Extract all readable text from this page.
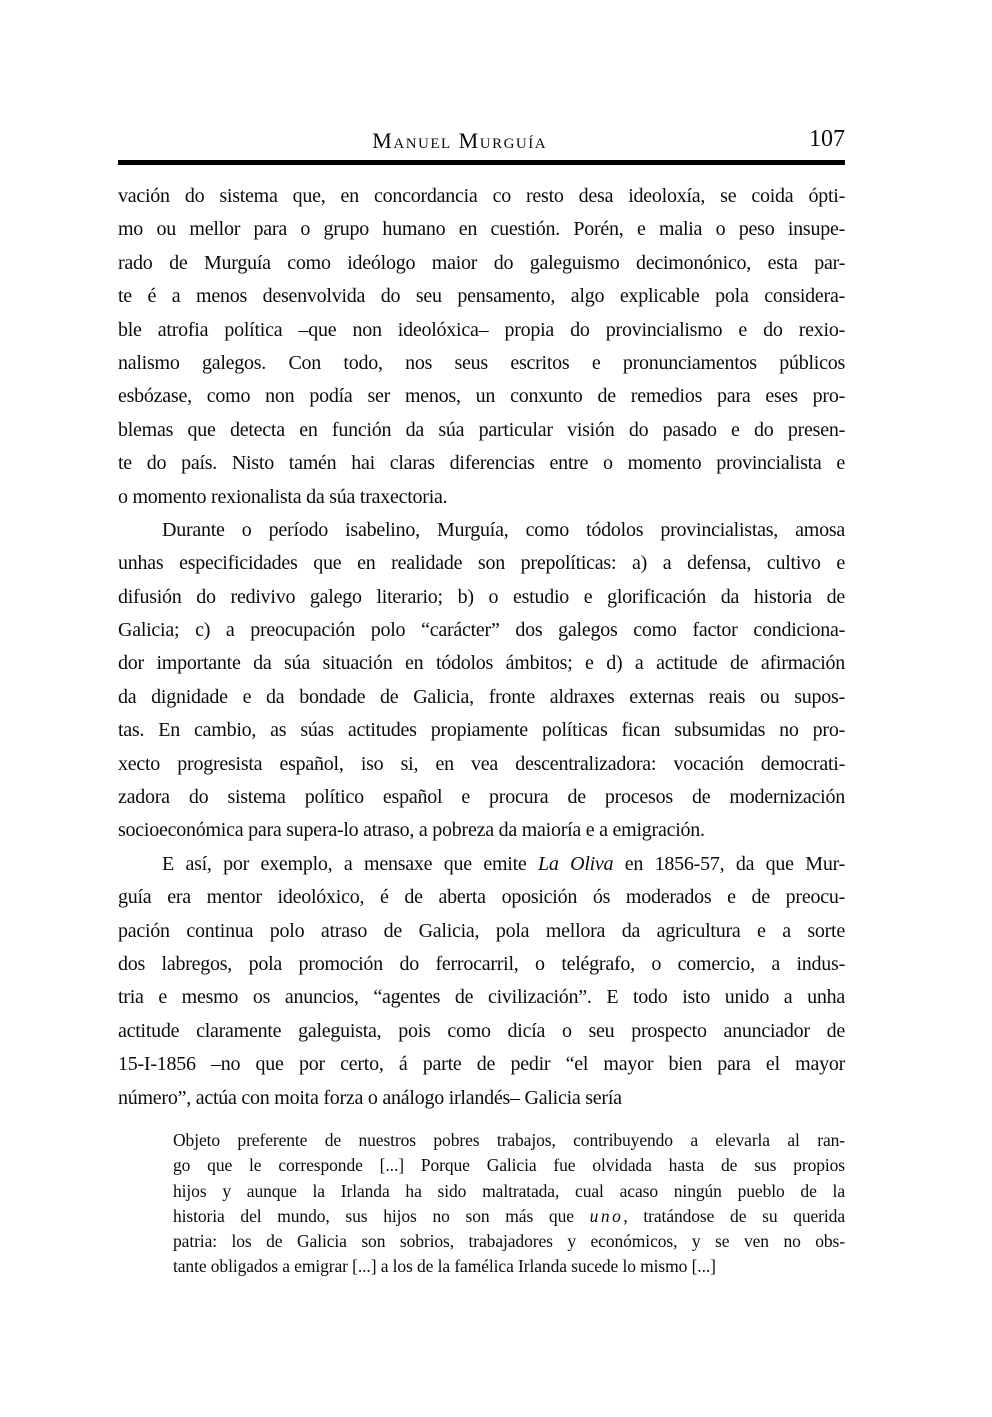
Manuel Murguía	107
vación do sistema que, en concordancia co resto desa ideoloxía, se coida ópti-
mo ou mellor para o grupo humano en cuestión. Porén, e malia o peso insupe-
rado de Murguía como ideólogo maior do galeguismo decimonónico, esta par-
te é a menos desenvolvida do seu pensamento, algo explicable pola considera-
ble atrofia política –que non ideolóxica– propia do provincialismo e do rexio-
nalismo galegos. Con todo, nos seus escritos e pronunciamentos públicos
esbózase, como non podía ser menos, un conxunto de remedios para eses pro-
blemas que detecta en función da súa particular visión do pasado e do presen-
te do país. Nisto tamén hai claras diferencias entre o momento provincialista e
o momento rexionalista da súa traxectoria.
Durante o período isabelino, Murguía, como tódolos provincialistas, amosa
unhas especificidades que en realidade son prepolíticas: a) a defensa, cultivo e
difusión do redivivo galego literario; b) o estudio e glorificación da historia de
Galicia; c) a preocupación polo “carácter” dos galegos como factor condiciona-
dor importante da súa situación en tódolos ámbitos; e d) a actitude de afirmación
da dignidade e da bondade de Galicia, fronte aldraxes externas reais ou supos-
tas. En cambio, as súas actitudes propiamente políticas fican subsumidas no pro-
xecto progresista español, iso si, en vea descentralizadora: vocación democrati-
zadora do sistema político español e procura de procesos de modernización
socioeconómica para supera-lo atraso, a pobreza da maioría e a emigración.
E así, por exemplo, a mensaxe que emite La Oliva en 1856-57, da que Mur-
guía era mentor ideolóxico, é de aberta oposición ós moderados e de preocu-
pación continua polo atraso de Galicia, pola mellora da agricultura e a sorte
dos labregos, pola promoción do ferrocarril, o telégrafo, o comercio, a indus-
tria e mesmo os anuncios, “agentes de civilización”. E todo isto unido a unha
actitude claramente galeguista, pois como dicía o seu prospecto anunciador de
15-I-1856 –no que por certo, á parte de pedir “el mayor bien para el mayor
número”, actúa con moita forza o análogo irlandés– Galicia sería
Objeto preferente de nuestros pobres trabajos, contribuyendo a elevarla al ran-
go que le corresponde [...] Porque Galicia fue olvidada hasta de sus propios
hijos y aunque la Irlanda ha sido maltratada, cual acaso ningún pueblo de la
historia del mundo, sus hijos no son más que uno, tratándose de su querida
patria: los de Galicia son sobrios, trabajadores y económicos, y se ven no obs-
tante obligados a emigrar [...] a los de la famélica Irlanda sucede lo mismo [...]
